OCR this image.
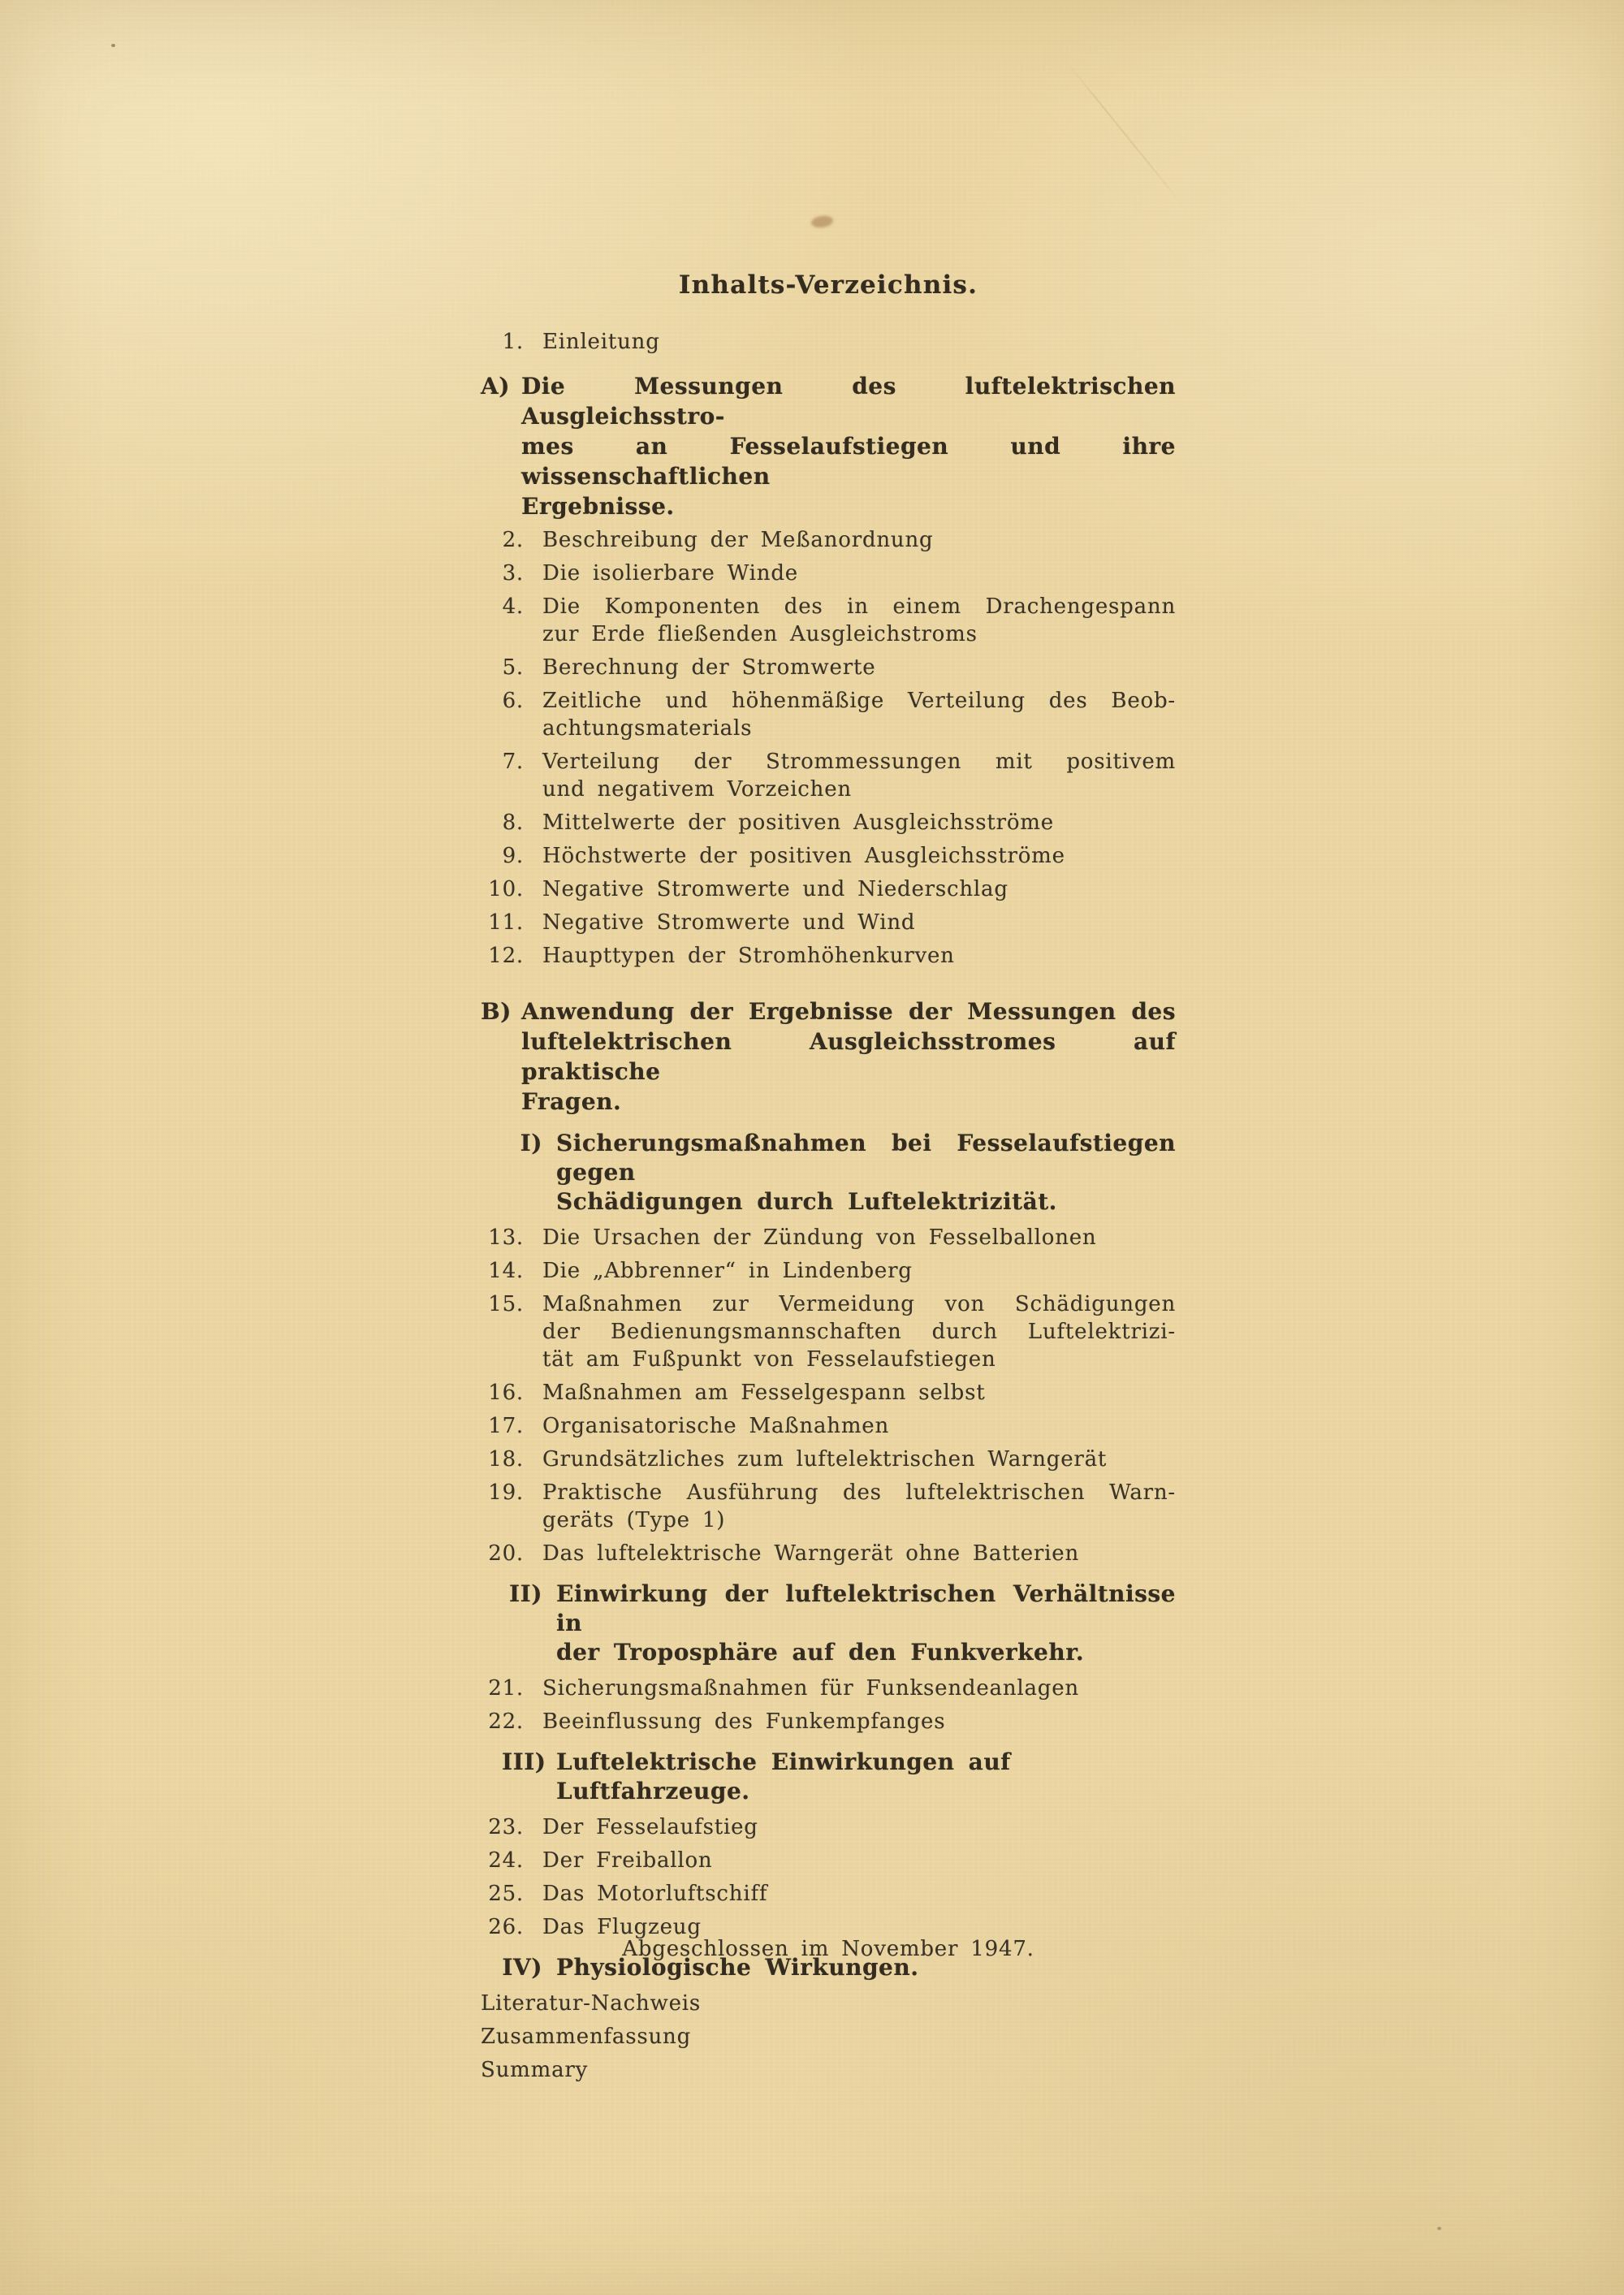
Inhalts-Verzeichnis.
1. Einleitung
A) Die Messungen des luftelektrischen Ausgleichsstro-
mes an Fesselaufstiegen und ihre wissenschaftlichen
Ergebnisse.
2. Beschreibung der Meßanordnung
3. Die isolierbare Winde
4. Die Komponenten des in einem Drachengespann
zur Erde fließenden Ausgleichstroms
5. Berechnung der Stromwerte
6. Zeitliche und höhenmäßige Verteilung des Beob-
achtungsmaterials
7. Verteilung der Strommessungen mit positivem
und negativem Vorzeichen
8. Mittelwerte der positiven Ausgleichsströme
9. Höchstwerte der positiven Ausgleichsströme
10. Negative Stromwerte und Niederschlag
11. Negative Stromwerte und Wind
12. Haupttypen der Stromhöhenkurven
B) Anwendung der Ergebnisse der Messungen des
luftelektrischen Ausgleichsstromes auf praktische
Fragen.
I) Sicherungsmaßnahmen bei Fesselaufstiegen gegen
Schädigungen durch Luftelektrizität.
13. Die Ursachen der Zündung von Fesselballonen
14. Die „Abbrenner“ in Lindenberg
15. Maßnahmen zur Vermeidung von Schädigungen
der Bedienungsmannschaften durch Luftelektrizi-
tät am Fußpunkt von Fesselaufstiegen
16. Maßnahmen am Fesselgespann selbst
17. Organisatorische Maßnahmen
18. Grundsätzliches zum luftelektrischen Warngerät
19. Praktische Ausführung des luftelektrischen Warn-
geräts (Type 1)
20. Das luftelektrische Warngerät ohne Batterien
II) Einwirkung der luftelektrischen Verhältnisse in
der Troposphäre auf den Funkverkehr.
21. Sicherungsmaßnahmen für Funksendeanlagen
22. Beeinflussung des Funkempfanges
III) Luftelektrische Einwirkungen auf Luftfahrzeuge.
23. Der Fesselaufstieg
24. Der Freiballon
25. Das Motorluftschiff
26. Das Flugzeug
IV) Physiologische Wirkungen.
Literatur-Nachweis
Zusammenfassung
Summary
Abgeschlossen im November 1947.
